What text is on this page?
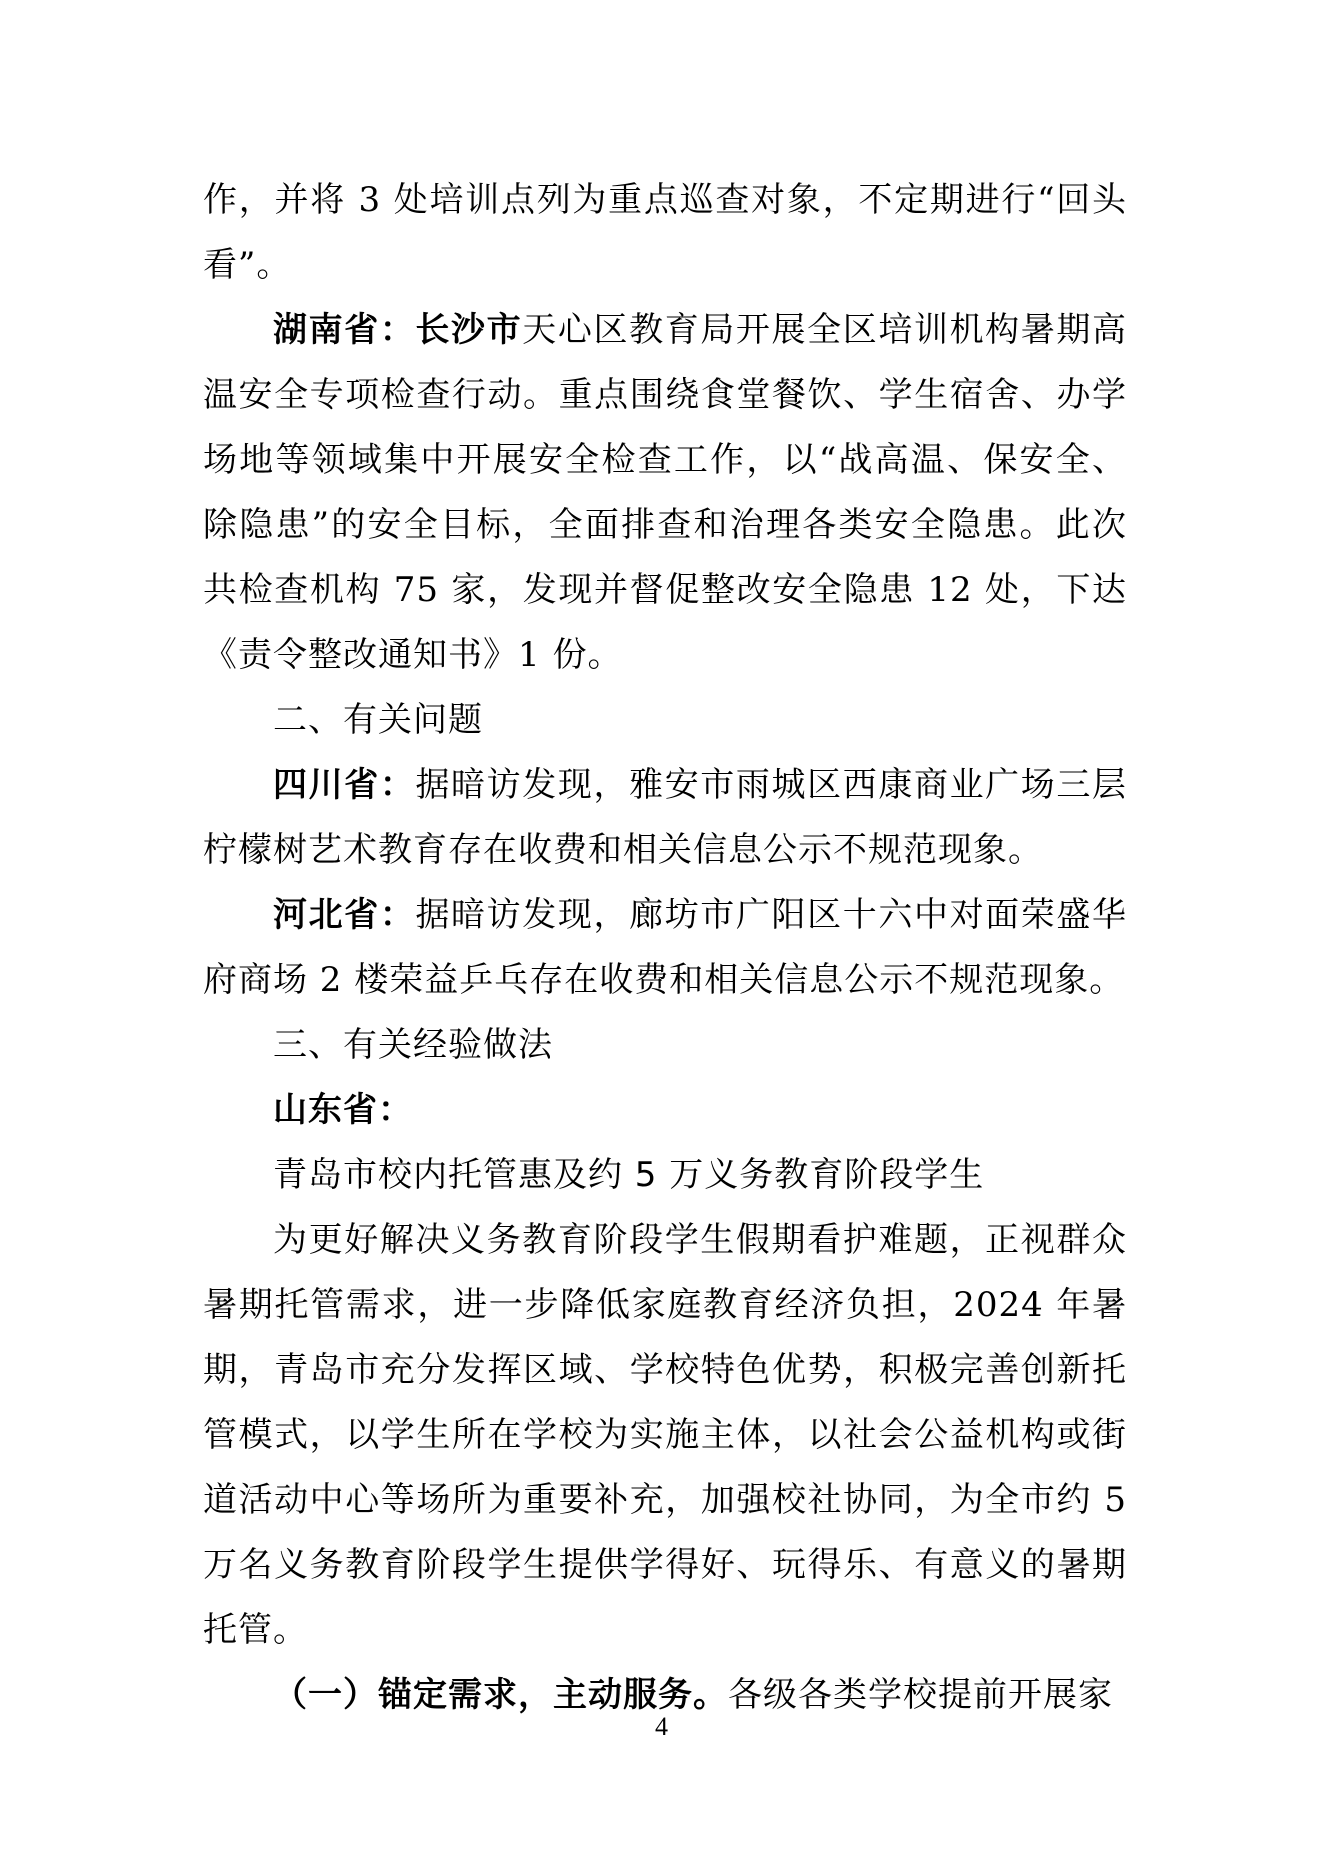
作，并将 3 处培训点列为重点巡查对象，不定期进行“回头看”。

湖南省：长沙市天心区教育局开展全区培训机构暑期高温安全专项检查行动。重点围绕食堂餐饮、学生宿舍、办学场地等领域集中开展安全检查工作，以“战高温、保安全、除隐患”的安全目标，全面排查和治理各类安全隐患。此次共检查机构 75 家，发现并督促整改安全隐患 12 处，下达《责令整改通知书》1 份。

二、有关问题

四川省：据暗访发现，雅安市雨城区西康商业广场三层柠檬树艺术教育存在收费和相关信息公示不规范现象。

河北省：据暗访发现，廊坊市广阳区十六中对面荣盛华府商场 2 楼荣益乒乓存在收费和相关信息公示不规范现象。

三、有关经验做法

山东省：

青岛市校内托管惠及约 5 万义务教育阶段学生

为更好解决义务教育阶段学生假期看护难题，正视群众暑期托管需求，进一步降低家庭教育经济负担，2024 年暑期，青岛市充分发挥区域、学校特色优势，积极完善创新托管模式，以学生所在学校为实施主体，以社会公益机构或街道活动中心等场所为重要补充，加强校社协同，为全市约 5 万名义务教育阶段学生提供学得好、玩得乐、有意义的暑期托管。

（一）锚定需求，主动服务。各级各类学校提前开展家

4
